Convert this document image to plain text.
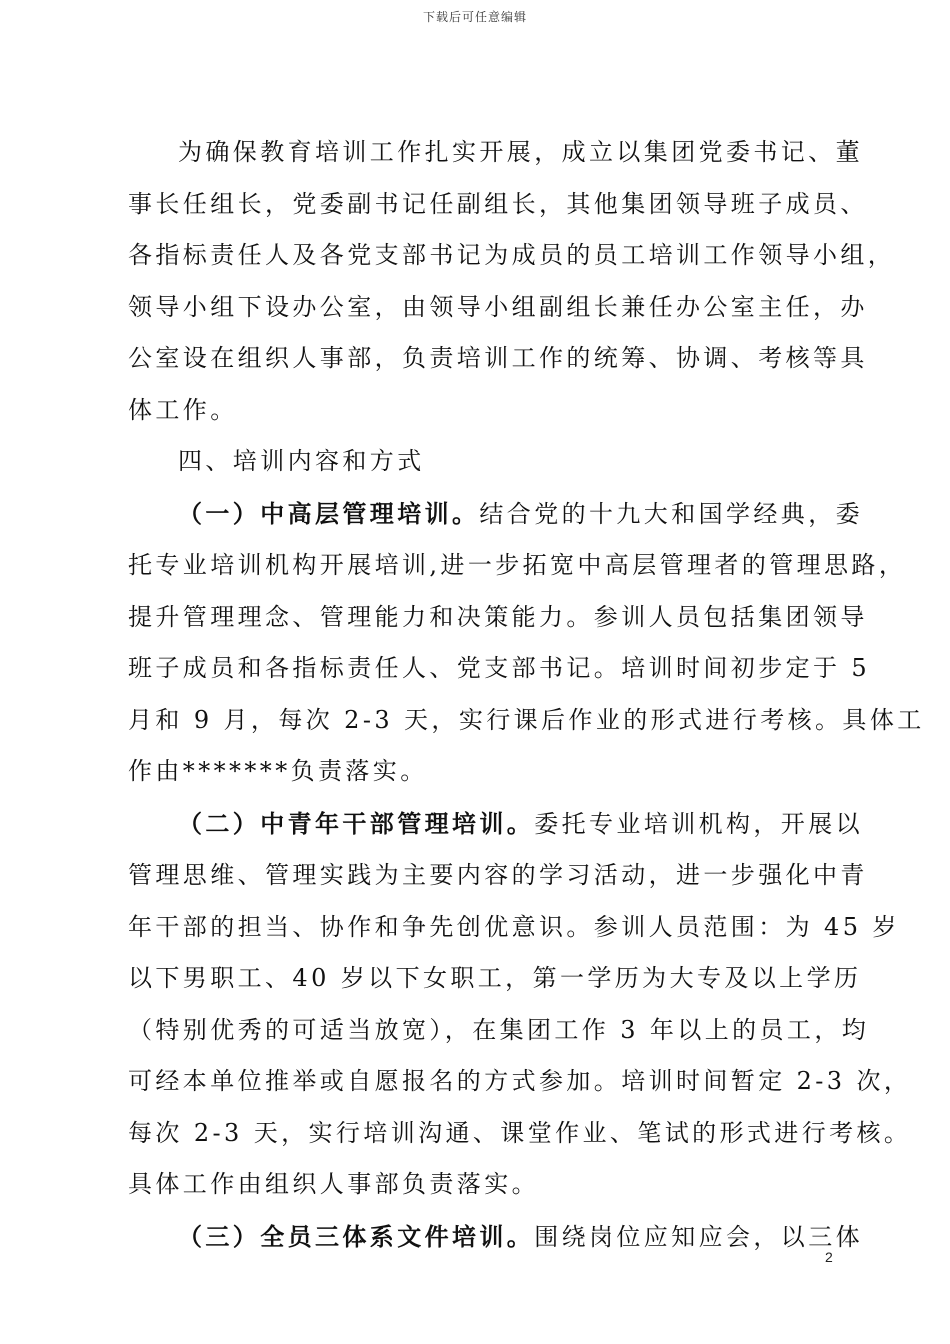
下载后可任意编辑
为确保教育培训工作扎实开展，成立以集团党委书记、董
事长任组长，党委副书记任副组长，其他集团领导班子成员、
各指标责任人及各党支部书记为成员的员工培训工作领导小组，
领导小组下设办公室，由领导小组副组长兼任办公室主任，办
公室设在组织人事部，负责培训工作的统筹、协调、考核等具
体工作。
四、培训内容和方式
（一）中高层管理培训。结合党的十九大和国学经典，委
托专业培训机构开展培训,进一步拓宽中高层管理者的管理思路，
提升管理理念、管理能力和决策能力。参训人员包括集团领导
班子成员和各指标责任人、党支部书记。培训时间初步定于 5
月和 9 月，每次 2-3 天，实行课后作业的形式进行考核。具体工
作由*******负责落实。
（二）中青年干部管理培训。委托专业培训机构，开展以
管理思维、管理实践为主要内容的学习活动，进一步强化中青
年干部的担当、协作和争先创优意识。参训人员范围：为 45 岁
以下男职工、40 岁以下女职工，第一学历为大专及以上学历
（特别优秀的可适当放宽），在集团工作 3 年以上的员工，均
可经本单位推举或自愿报名的方式参加。培训时间暂定 2-3 次，
每次 2-3 天，实行培训沟通、课堂作业、笔试的形式进行考核。
具体工作由组织人事部负责落实。
（三）全员三体系文件培训。围绕岗位应知应会，以三体
2
